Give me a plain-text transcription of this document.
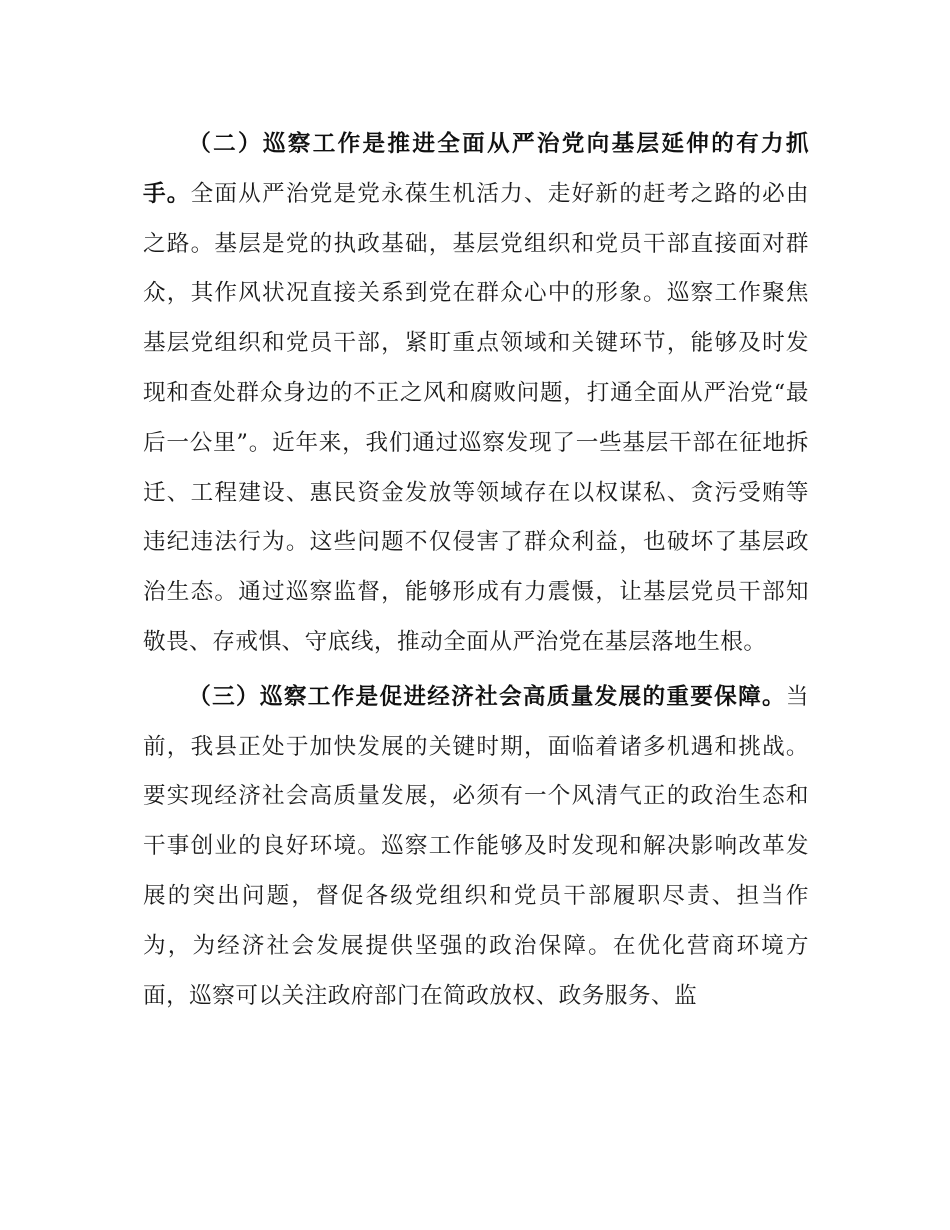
（二）巡察工作是推进全面从严治党向基层延伸的有力抓手。全面从严治党是党永葆生机活力、走好新的赶考之路的必由之路。基层是党的执政基础，基层党组织和党员干部直接面对群众，其作风状况直接关系到党在群众心中的形象。巡察工作聚焦基层党组织和党员干部，紧盯重点领域和关键环节，能够及时发现和查处群众身边的不正之风和腐败问题，打通全面从严治党“最后一公里”。近年来，我们通过巡察发现了一些基层干部在征地拆迁、工程建设、惠民资金发放等领域存在以权谋私、贪污受贿等违纪违法行为。这些问题不仅侵害了群众利益，也破坏了基层政治生态。通过巡察监督，能够形成有力震慑，让基层党员干部知敬畏、存戒惧、守底线，推动全面从严治党在基层落地生根。

（三）巡察工作是促进经济社会高质量发展的重要保障。当前，我县正处于加快发展的关键时期，面临着诸多机遇和挑战。要实现经济社会高质量发展，必须有一个风清气正的政治生态和干事创业的良好环境。巡察工作能够及时发现和解决影响改革发展的突出问题，督促各级党组织和党员干部履职尽责、担当作为，为经济社会发展提供坚强的政治保障。在优化营商环境方面，巡察可以关注政府部门在简政放权、政务服务、监
